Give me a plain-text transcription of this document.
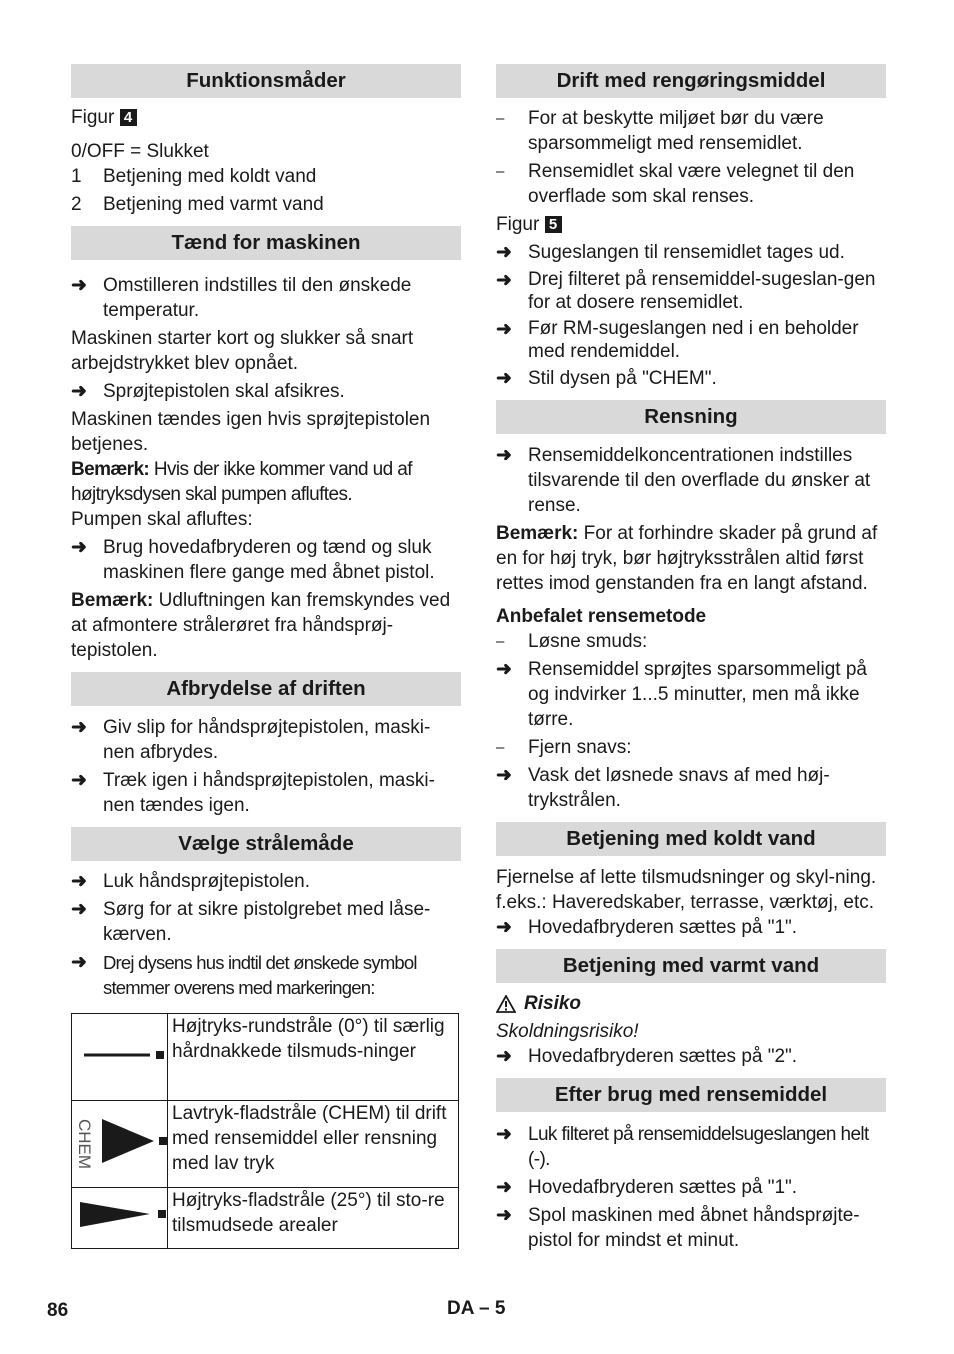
Funktionsmåder

Figur 4

0/OFF = Slukket

1	Betjening med koldt vand
2	Betjening med varmt vand
Tænd for maskinen
➜ Omstilleren indstilles til den ønskede temperatur.

Maskinen starter kort og slukker så snart arbejdstrykket blev opnået.

➜ Sprøjtepistolen skal afsikres.

Maskinen tændes igen hvis sprøjtepistolen betjenes.

Bemærk: Hvis der ikke kommer vand ud af højtryksdysen skal pumpen afluftes.

Pumpen skal afluftes:

➜ Brug hovedafbryderen og tænd og sluk maskinen flere gange med åbnet pistol.

Bemærk: Udluftningen kan fremskyndes ved at afmontere strålerøret fra håndsprøj-tepistolen.

Afbrydelse af driften
➜ Giv slip for håndsprøjtepistolen, maski-nen afbrydes.
➜ Træk igen i håndsprøjtepistolen, maski-nen tændes igen.
Vælge strålemåde
➜ Luk håndsprøjtepistolen.
➜ Sørg for at sikre pistolgrebet med låse-kærven.
➜ Drej dysens hus indtil det ønskede symbol stemmer overens med markeringen:
	Højtryks-rundstråle (0°) til særlig hårdnakkede tilsmuds-ninger

CHEM	Lavtryk-fladstråle (CHEM) til drift med rensemiddel eller rensning med lav tryk
	Højtryks-fladstråle (25°) til sto-re tilsmudsede arealer
Drift med rengøringsmiddel
–	For at beskytte miljøet bør du være sparsommeligt med rensemidlet.
–	Rensemidlet skal være velegnet til den overflade som skal renses.

Figur 5

➜ Sugeslangen til rensemidlet tages ud.
➜ Drej filteret på rensemiddel-sugeslan-gen for at dosere rensemidlet.
➜ Før RM-sugeslangen ned i en beholder med rendemiddel.
➜ Stil dysen på "CHEM".
Rensning
➜ Rensemiddelkoncentrationen indstilles tilsvarende til den overflade du ønsker at rense.

Bemærk: For at forhindre skader på grund af en for høj tryk, bør højtryksstrålen altid først rettes imod genstanden fra en langt afstand.

Anbefalet rensemetode

–	Løsne smuds:
➜ Rensemiddel sprøjtes sparsommeligt på og indvirker 1...5 minutter, men må ikke tørre.
–	Fjern snavs:
➜ Vask det løsnede snavs af med høj-trykstrålen.
Betjening med koldt vand

Fjernelse af lette tilsmudsninger og skyl-ning. f.eks.: Haveredskaber, terrasse, værktøj, etc.

➜ Hovedafbryderen sættes på "1".
Betjening med varmt vand
Risiko

Skoldningsrisiko!

➜ Hovedafbryderen sættes på "2".
Efter brug med rensemiddel
➜ Luk filteret på rensemiddelsugeslangen helt (-).
➜ Hovedafbryderen sættes på "1".
➜ Spol maskinen med åbnet håndsprøjte-pistol for mindst et minut.
86	DA – 5
